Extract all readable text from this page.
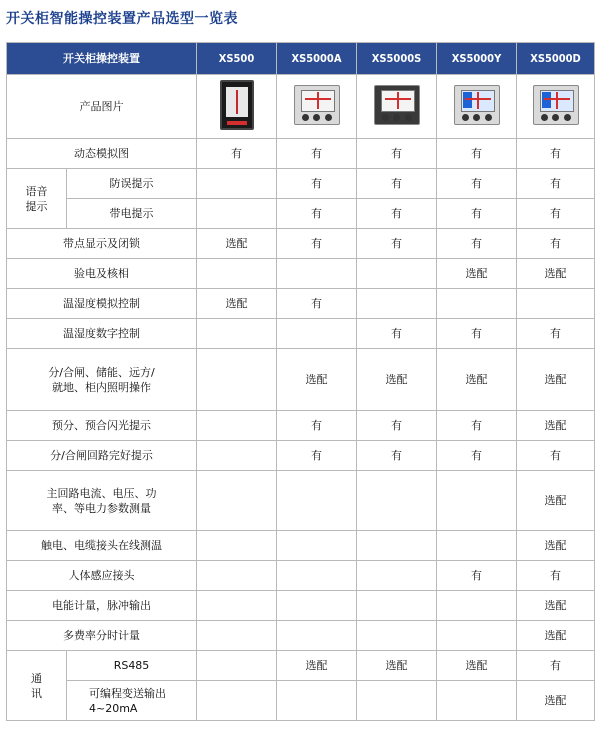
开关柜智能操控装置产品选型一览表
开关柜操控装置		XS500	XS5000A	XS5000S	XS5000Y	XS5000D
产品图片		

动态模拟图		有	有	有	有	有
语音
提示	防误提示		有	有	有	有
	带电提示		有	有	有	有
带点显示及闭锁		选配	有	有	有	有
验电及核相					选配	选配
温湿度模拟控制		选配	有			
温湿度数字控制				有	有	有
分/合闸、储能、远方/
就地、柜内照明操作			选配	选配	选配	选配
预分、预合闪光提示			有	有	有	选配
分/合闸回路完好提示			有	有	有	有
主回路电流、电压、功
率、等电力参数测量						选配
触电、电缆接头在线测温						选配
人体感应接头					有	有
电能计量，脉冲输出						选配
多费率分时计量						选配
通
讯	RS485		选配	选配	选配	有
	可编程变送输出
4~20mA					选配
